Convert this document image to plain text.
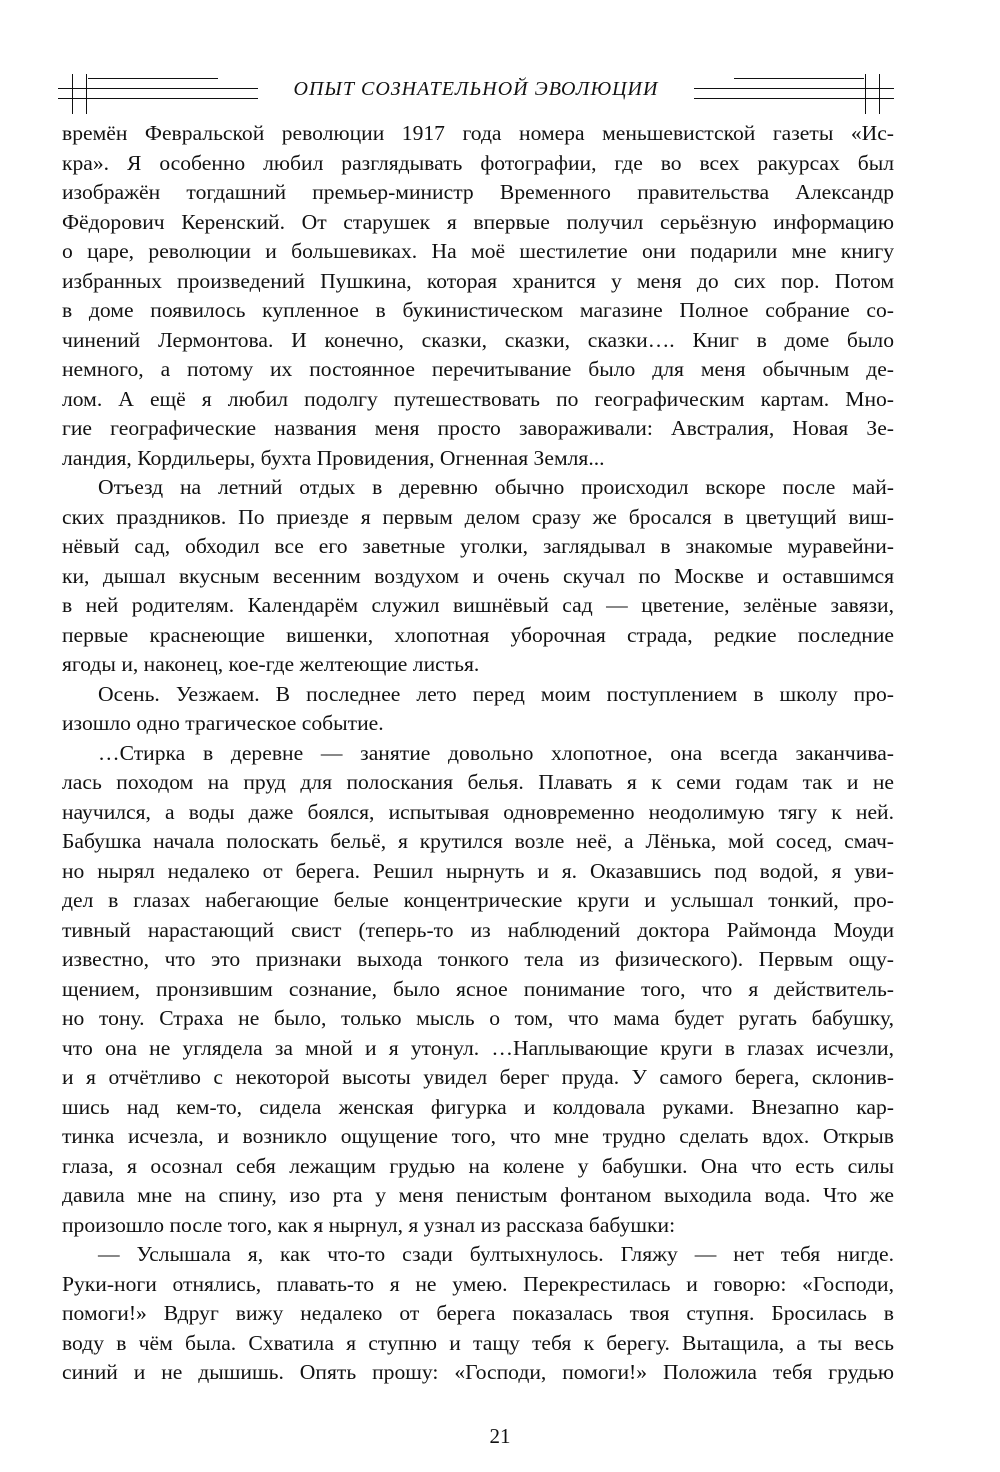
ОПЫТ СОЗНАТЕЛЬНОЙ ЭВОЛЮЦИИ

времён Февральской революции 1917 года номера меньшевистской газеты «Ис-
кра». Я особенно любил разглядывать фотографии, где во всех ракурсах был
изображён тогдашний премьер-министр Временного правительства Александр
Фёдорович Керенский. От старушек я впервые получил серьёзную информацию
о царе, революции и большевиках. На моё шестилетие они подарили мне книгу
избранных произведений Пушкина, которая хранится у меня до сих пор. Потом
в доме появилось купленное в букинистическом магазине Полное собрание со-
чинений Лермонтова. И конечно, сказки, сказки, сказки…. Книг в доме было
немного, а потому их постоянное перечитывание было для меня обычным де-
лом. А ещё я любил подолгу путешествовать по географическим картам. Мно-
гие географические названия меня просто завораживали: Австралия, Новая Зе-
ландия, Кордильеры, бухта Провидения, Огненная Земля...

Отъезд на летний отдых в деревню обычно происходил вскоре после май-
ских праздников. По приезде я первым делом сразу же бросался в цветущий виш-
нёвый сад, обходил все его заветные уголки, заглядывал в знакомые муравейни-
ки, дышал вкусным весенним воздухом и очень скучал по Москве и оставшимся
в ней родителям. Календарём служил вишнёвый сад — цветение, зелёные завязи,
первые краснеющие вишенки, хлопотная уборочная страда, редкие последние
ягоды и, наконец, кое-где желтеющие листья.

Осень. Уезжаем. В последнее лето перед моим поступлением в школу про-
изошло одно трагическое событие.

…Стирка в деревне — занятие довольно хлопотное, она всегда заканчива-
лась походом на пруд для полоскания белья. Плавать я к семи годам так и не
научился, а воды даже боялся, испытывая одновременно неодолимую тягу к ней.
Бабушка начала полоскать бельё, я крутился возле неё, а Лёнька, мой сосед, смач-
но нырял недалеко от берега. Решил нырнуть и я. Оказавшись под водой, я уви-
дел в глазах набегающие белые концентрические круги и услышал тонкий, про-
тивный нарастающий свист (теперь-то из наблюдений доктора Раймонда Моуди
известно, что это признаки выхода тонкого тела из физического). Первым ощу-
щением, пронзившим сознание, было ясное понимание того, что я действитель-
но тону. Страха не было, только мысль о том, что мама будет ругать бабушку,
что она не углядела за мной и я утонул. …Наплывающие круги в глазах исчезли,
и я отчётливо с некоторой высоты увидел берег пруда. У самого берега, склонив-
шись над кем-то, сидела женская фигурка и колдовала руками. Внезапно кар-
тинка исчезла, и возникло ощущение того, что мне трудно сделать вдох. Открыв
глаза, я осознал себя лежащим грудью на колене у бабушки. Она что есть силы
давила мне на спину, изо рта у меня пенистым фонтаном выходила вода. Что же
произошло после того, как я нырнул, я узнал из рассказа бабушки:

— Услышала я, как что-то сзади бултыхнулось. Гляжу — нет тебя нигде.
Руки-ноги отнялись, плавать-то я не умею. Перекрестилась и говорю: «Господи,
помоги!» Вдруг вижу недалеко от берега показалась твоя ступня. Бросилась в
воду в чём была. Схватила я ступню и тащу тебя к берегу. Вытащила, а ты весь
синий и не дышишь. Опять прошу: «Господи, помоги!» Положила тебя грудью

21
